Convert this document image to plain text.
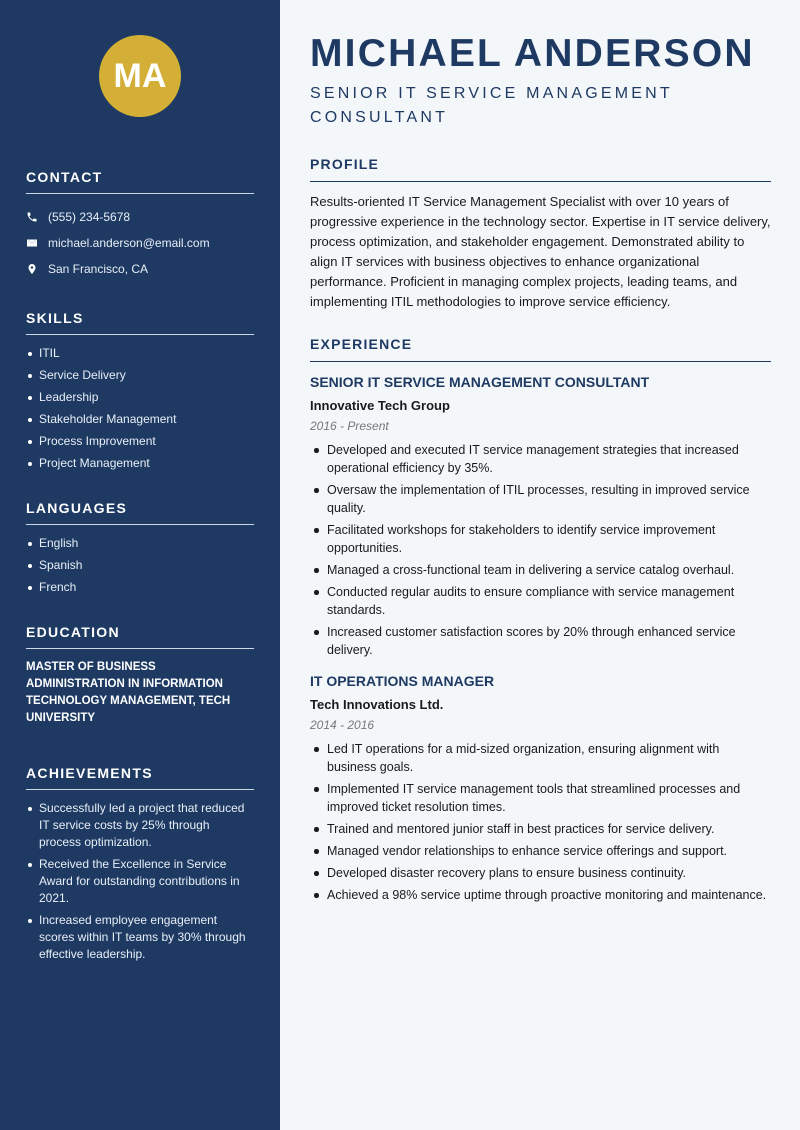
MA
CONTACT
(555) 234-5678
michael.anderson@email.com
San Francisco, CA
SKILLS
ITIL
Service Delivery
Leadership
Stakeholder Management
Process Improvement
Project Management
LANGUAGES
English
Spanish
French
EDUCATION
MASTER OF BUSINESS ADMINISTRATION IN INFORMATION TECHNOLOGY MANAGEMENT, TECH UNIVERSITY
ACHIEVEMENTS
Successfully led a project that reduced IT service costs by 25% through process optimization.
Received the Excellence in Service Award for outstanding contributions in 2021.
Increased employee engagement scores within IT teams by 30% through effective leadership.
MICHAEL ANDERSON
SENIOR IT SERVICE MANAGEMENT CONSULTANT
PROFILE

Results-oriented IT Service Management Specialist with over 10 years of progressive experience in the technology sector. Expertise in IT service delivery, process optimization, and stakeholder engagement. Demonstrated ability to align IT services with business objectives to enhance organizational performance. Proficient in managing complex projects, leading teams, and implementing ITIL methodologies to improve service efficiency.

EXPERIENCE
SENIOR IT SERVICE MANAGEMENT CONSULTANT
Innovative Tech Group
2016 - Present
Developed and executed IT service management strategies that increased operational efficiency by 35%.
Oversaw the implementation of ITIL processes, resulting in improved service quality.
Facilitated workshops for stakeholders to identify service improvement opportunities.
Managed a cross-functional team in delivering a service catalog overhaul.
Conducted regular audits to ensure compliance with service management standards.
Increased customer satisfaction scores by 20% through enhanced service delivery.
IT OPERATIONS MANAGER
Tech Innovations Ltd.
2014 - 2016
Led IT operations for a mid-sized organization, ensuring alignment with business goals.
Implemented IT service management tools that streamlined processes and improved ticket resolution times.
Trained and mentored junior staff in best practices for service delivery.
Managed vendor relationships to enhance service offerings and support.
Developed disaster recovery plans to ensure business continuity.
Achieved a 98% service uptime through proactive monitoring and maintenance.
